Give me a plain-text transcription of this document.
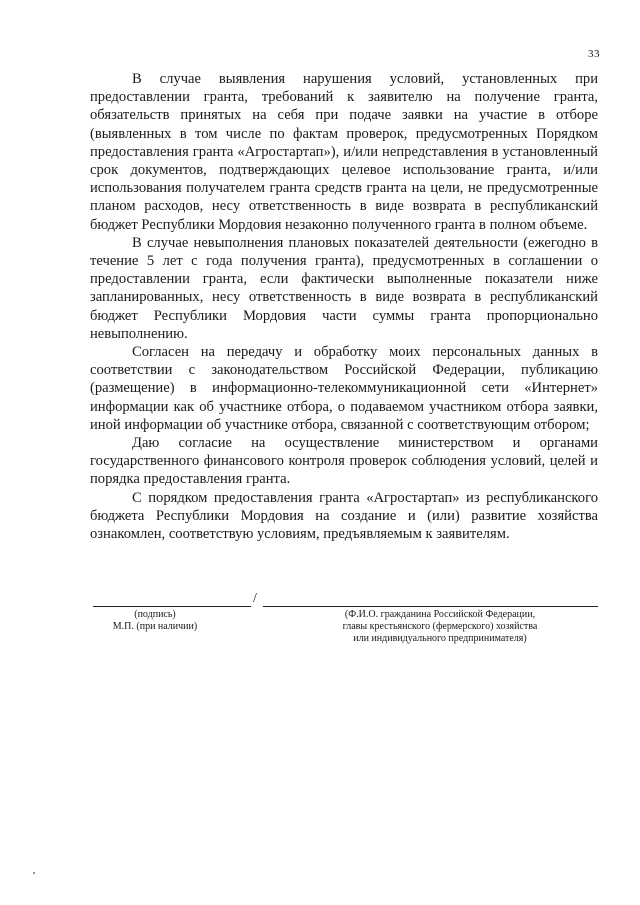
33

В случае выявления нарушения условий, установленных при предоставлении гранта, требований к заявителю на получение гранта, обязательств принятых на себя при подаче заявки на участие в отборе (выявленных в том числе по фактам проверок, предусмотренных Порядком предоставления гранта «Агростартап»), и/или непредставления в установленный срок документов, подтверждающих целевое использование гранта, и/или использования получателем гранта средств гранта на цели, не предусмотренные планом расходов, несу ответственность в виде возврата в республиканский бюджет Республики Мордовия незаконно полученного гранта в полном объеме.

В случае невыполнения плановых показателей деятельности (ежегодно в течение 5 лет с года получения гранта), предусмотренных в соглашении о предоставлении гранта, если фактически выполненные показатели ниже запланированных, несу ответственность в виде возврата в республиканский бюджет Республики Мордовия части суммы гранта пропорционально невыполнению.

Согласен на передачу и обработку моих персональных данных в соответствии с законодательством Российской Федерации, публикацию (размещение) в информационно-телекоммуникационной сети «Интернет» информации как об участнике отбора, о подаваемом участником отбора заявки, иной информации об участнике отбора, связанной с соответствующим отбором;

Даю согласие на осуществление министерством и органами государственного финансового контроля проверок соблюдения условий, целей и порядка предоставления гранта.

С порядком предоставления гранта «Агростартап» из республиканского бюджета Республики Мордовия на создание и (или) развитие хозяйства ознакомлен, соответствую условиям, предъявляемым к заявителям.

/
(подпись)
М.П. (при наличии)
(Ф.И.О. гражданина Российской Федерации,
главы крестьянского (фермерского) хозяйства
или индивидуального предпринимателя)
